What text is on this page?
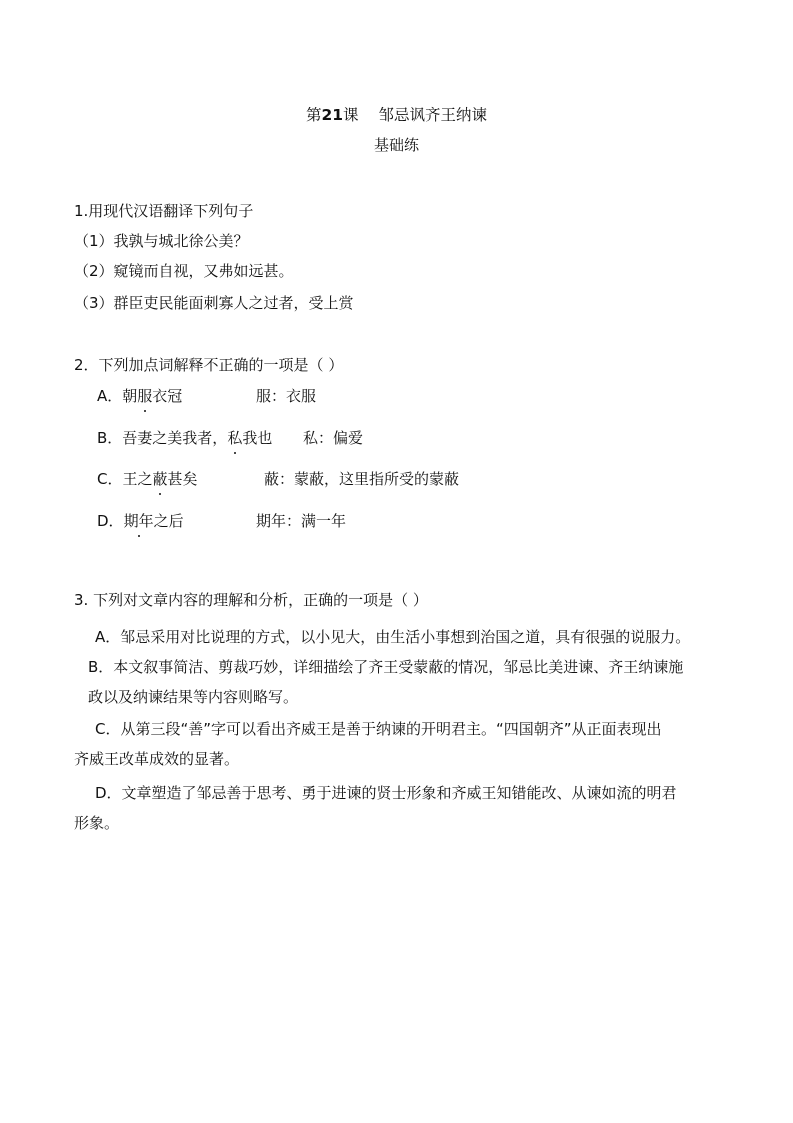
第21课 邹忌讽齐王纳谏
基础练
1.用现代汉语翻译下列句子
（1）我孰与城北徐公美？
（2）窥镜而自视，又弗如远甚。
（3）群臣吏民能面刺寡人之过者，受上赏
2．下列加点词解释不正确的一项是（ ）
A．朝服衣冠	服：衣服
B．吾妻之美我者，私我也 私：偏爱
C．王之蔽甚矣	蔽：蒙蔽，这里指所受的蒙蔽
D．期年之后	期年：满一年
3. 下列对文章内容的理解和分析，正确的一项是（ ）
A．邹忌采用对比说理的方式，以小见大，由生活小事想到治国之道，具有很强的说服力。
B．本文叙事简洁、剪裁巧妙，详细描绘了齐王受蒙蔽的情况，邹忌比美进谏、齐王纳谏施
政以及纳谏结果等内容则略写。
C．从第三段“善”字可以看出齐威王是善于纳谏的开明君主。“四国朝齐”从正面表现出
齐威王改革成效的显著。
D．文章塑造了邹忌善于思考、勇于进谏的贤士形象和齐威王知错能改、从谏如流的明君
形象。
